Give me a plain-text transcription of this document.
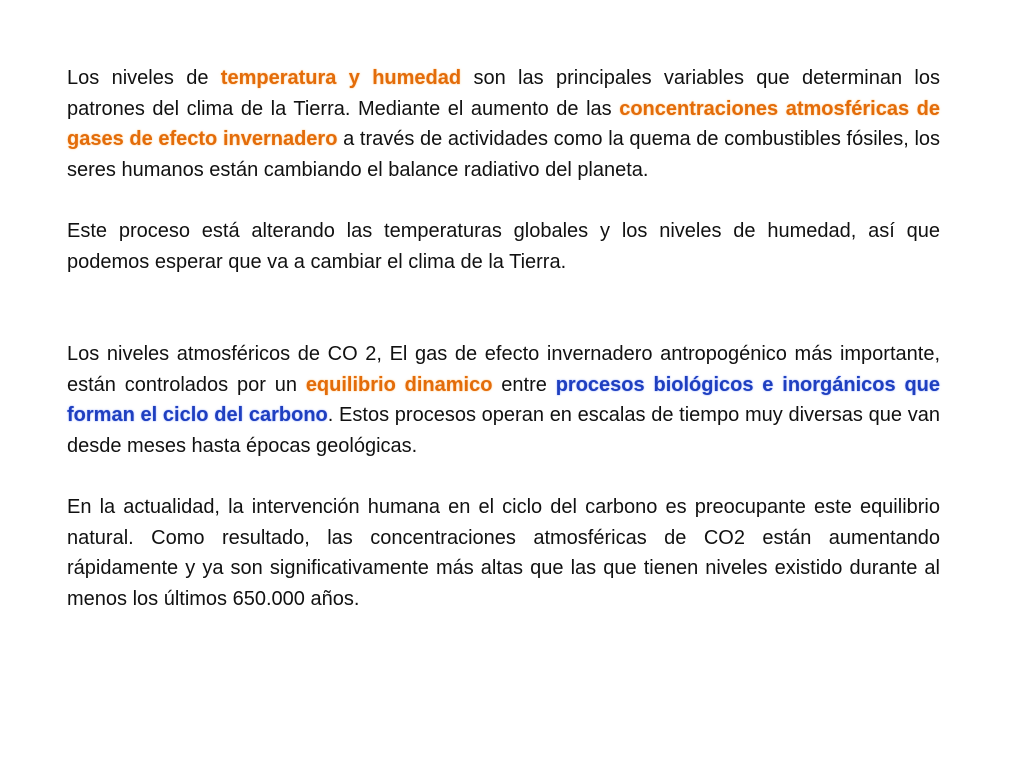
Los niveles de temperatura y humedad son las principales variables que determinan los patrones del clima de la Tierra. Mediante el aumento de las concentraciones atmosféricas de gases de efecto invernadero a través de actividades como la quema de combustibles fósiles, los seres humanos están cambiando el balance radiativo del planeta.

Este proceso está alterando las temperaturas globales y los niveles de humedad, así que podemos esperar que va a cambiar el clima de la Tierra.

Los niveles atmosféricos de CO 2, El gas de efecto invernadero antropogénico más importante, están controlados por un equilibrio dinamico entre procesos biológicos e inorgánicos que forman el ciclo del carbono. Estos procesos operan en escalas de tiempo muy diversas que van desde meses hasta épocas geológicas.

En la actualidad, la intervención humana en el ciclo del carbono es preocupante este equilibrio natural. Como resultado, las concentraciones atmosféricas de CO2 están aumentando rápidamente y ya son significativamente más altas que las que tienen niveles existido durante al menos los últimos 650.000 años.
